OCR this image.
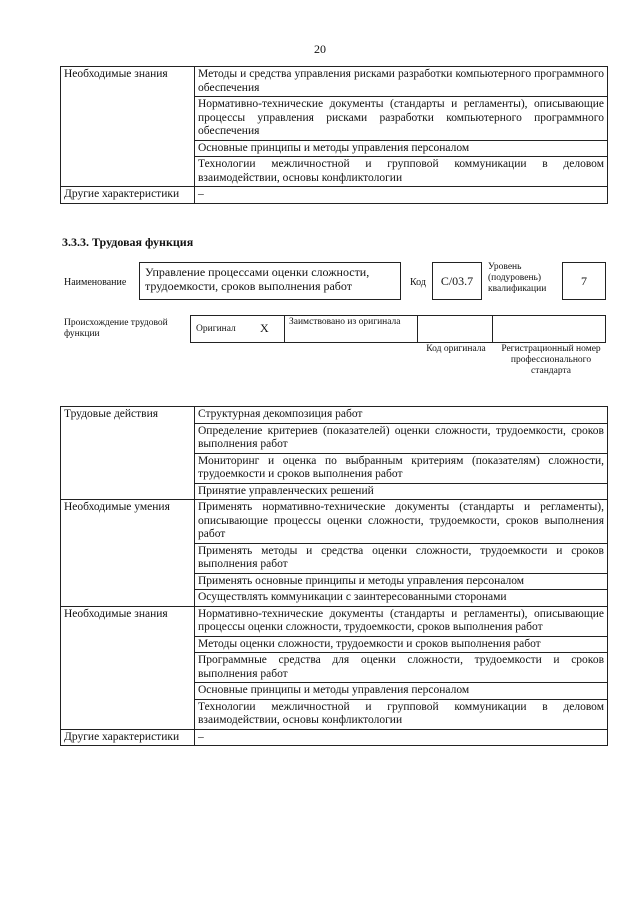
20
Необходимые знания	Методы и средства управления рисками разработки компьютерного программного обеспечения
	Нормативно-технические документы (стандарты и регламенты), описывающие процессы управления рисками разработки компьютерного программного обеспечения
	Основные принципы и методы управления персоналом
	Технологии межличностной и групповой коммуникации в деловом взаимодействии, основы конфликтологии
Другие характеристики	–
3.3.3. Трудовая функция
Наименование
Управление процессами оценки сложности, трудоемкости, сроков выполнения работ	Код	C/03.7
Уровень (подуровень) квалификации
7
Происхождение трудовой функции	Оригинал Х Заимствовано из оригинала
Код оригинала	Регистрационный номер профессионального стандарта
Трудовые действия	Структурная декомпозиция работ
	Определение критериев (показателей) оценки сложности, трудоемкости, сроков выполнения работ
	Мониторинг и оценка по выбранным критериям (показателям) сложности, трудоемкости и сроков выполнения работ
	Принятие управленческих решений
Необходимые умения	Применять нормативно-технические документы (стандарты и регламенты), описывающие процессы оценки сложности, трудоемкости, сроков выполнения работ
	Применять методы и средства оценки сложности, трудоемкости и сроков выполнения работ
	Применять основные принципы и методы управления персоналом
	Осуществлять коммуникации с заинтересованными сторонами
Необходимые знания	Нормативно-технические документы (стандарты и регламенты), описывающие процессы оценки сложности, трудоемкости, сроков выполнения работ
	Методы оценки сложности, трудоемкости и сроков выполнения работ
	Программные средства для оценки сложности, трудоемкости и сроков выполнения работ
	Основные принципы и методы управления персоналом
	Технологии межличностной и групповой коммуникации в деловом взаимодействии, основы конфликтологии
Другие характеристики	–
